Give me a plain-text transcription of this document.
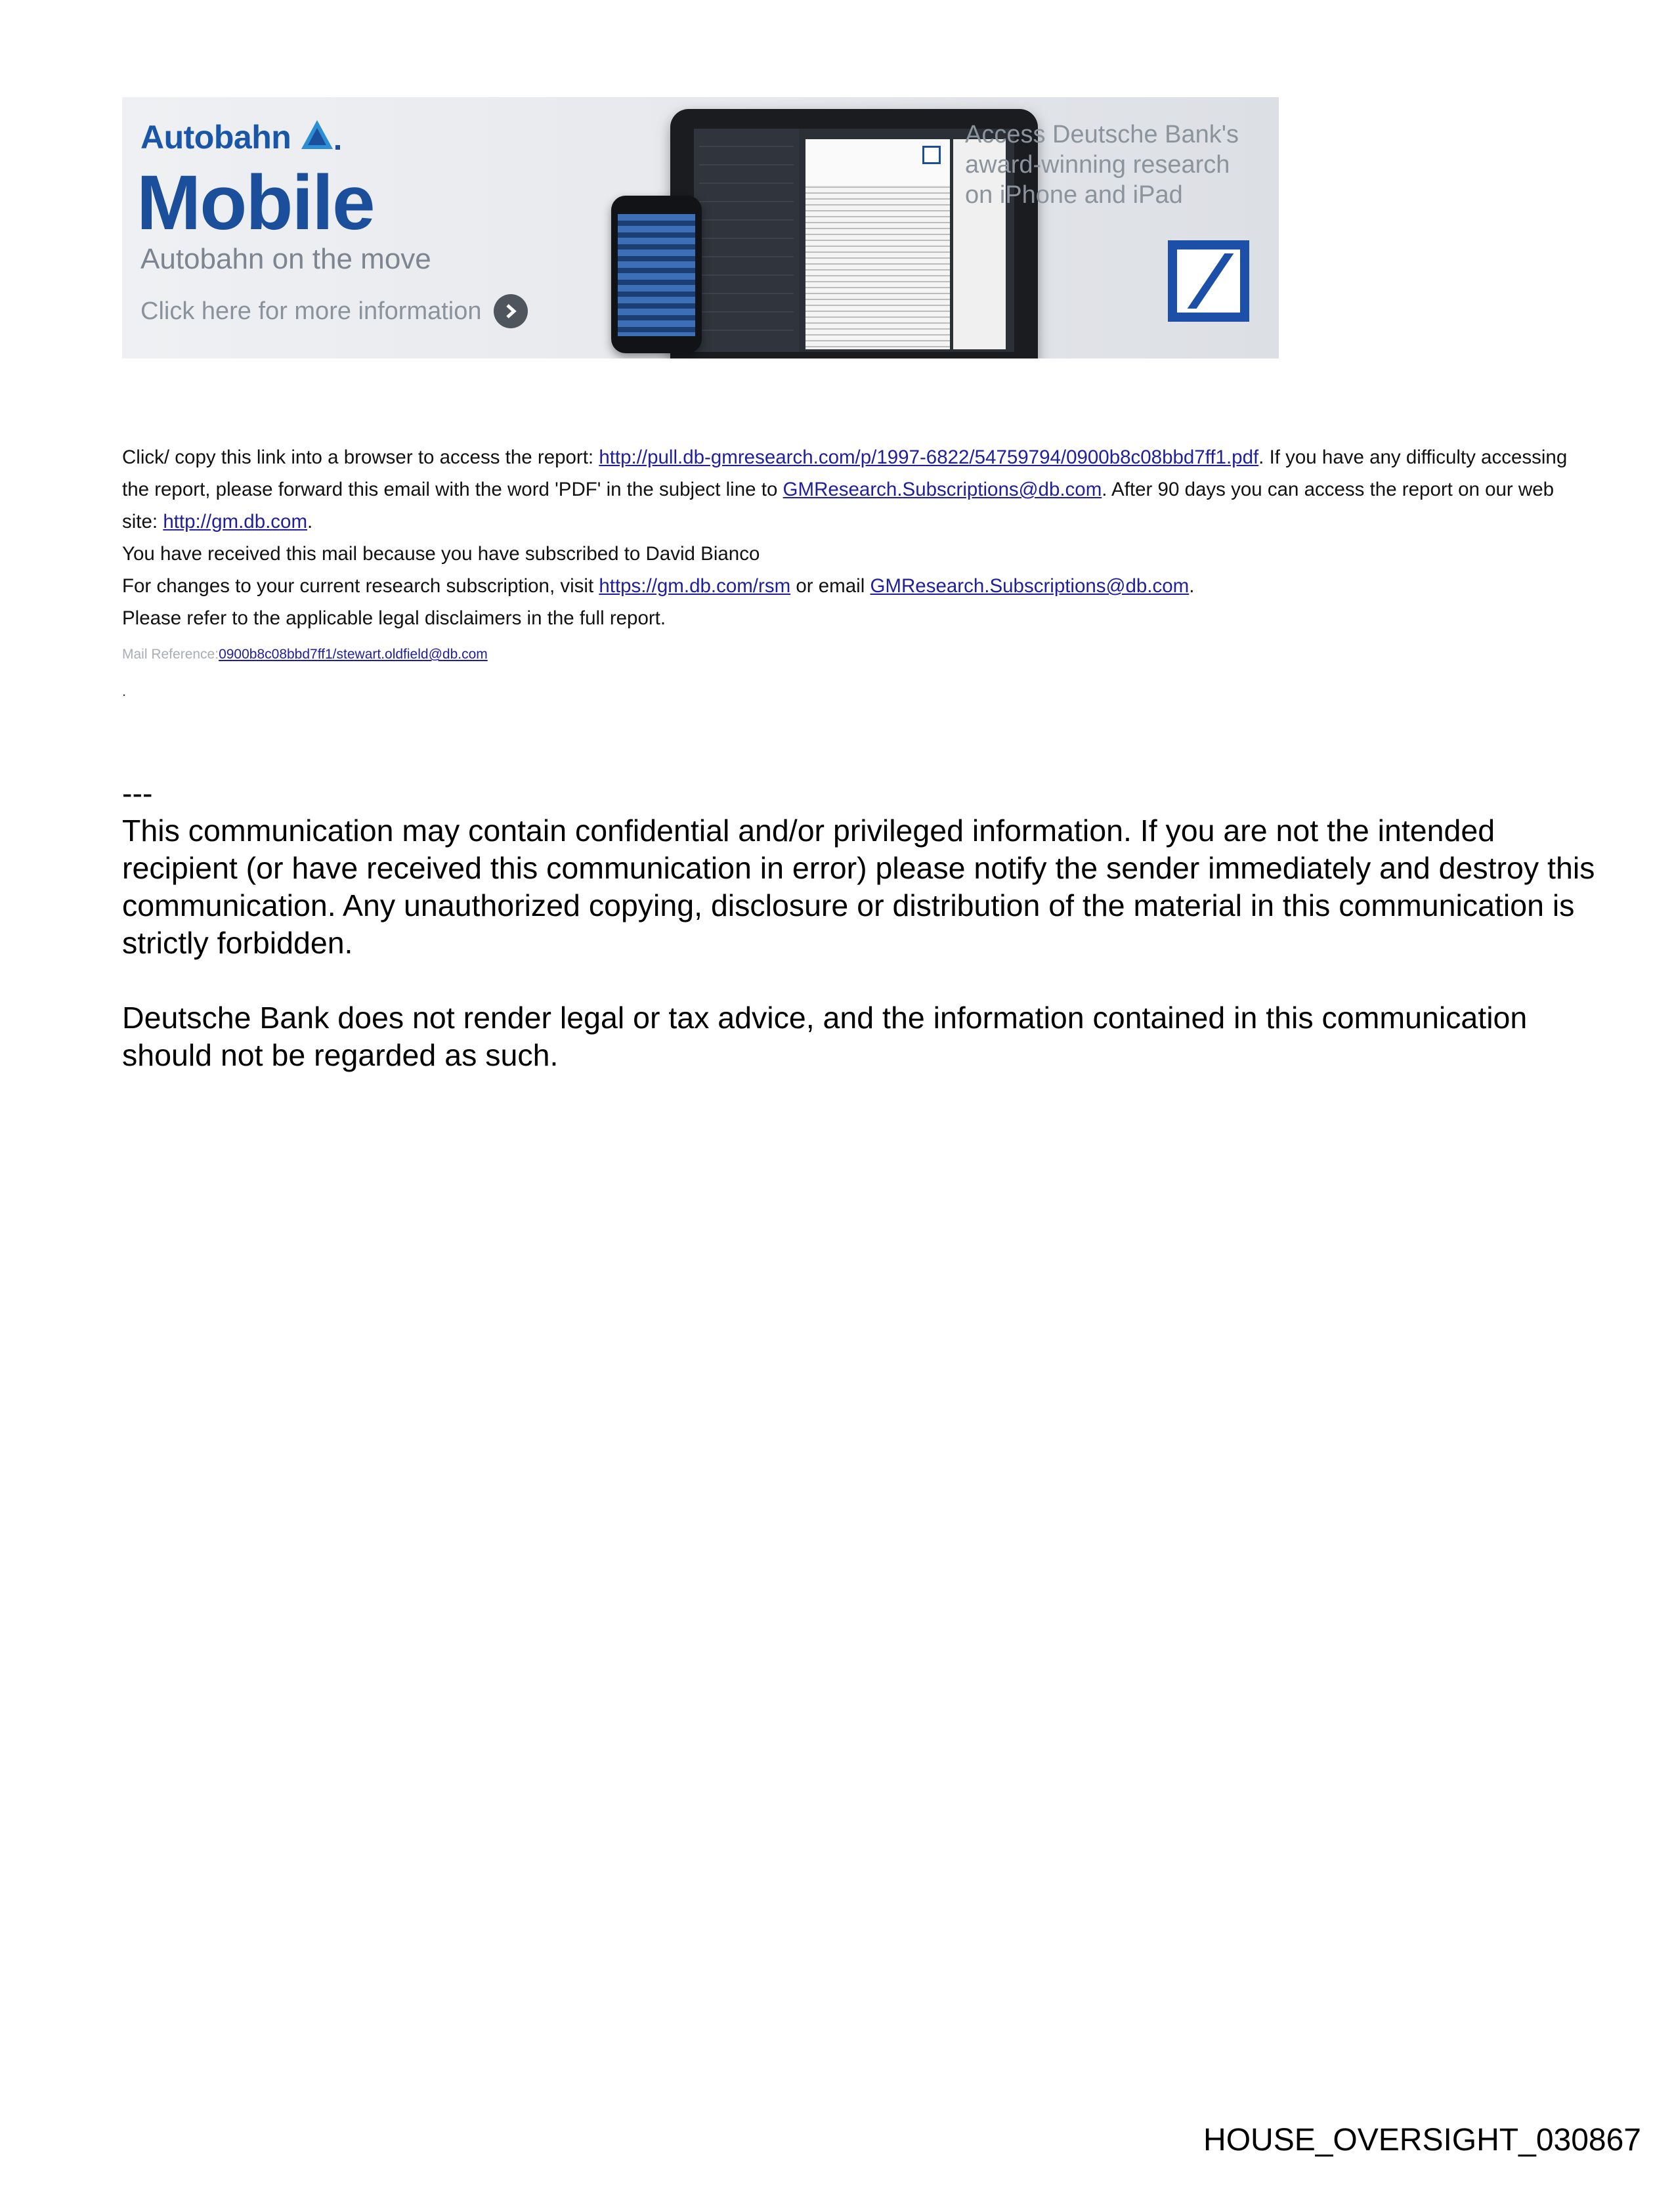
Autobahn
Mobile
Autobahn on the move
Click here for more information
Access Deutsche Bank's
award-winning research
on iPhone and iPad

Click/ copy this link into a browser to access the report: http://pull.db-gmresearch.com/p/1997-6822/54759794/0900b8c08bbd7ff1.pdf. If you have any difficulty accessing the report, please forward this email with the word 'PDF' in the subject line to GMResearch.Subscriptions@db.com. After 90 days you can access the report on our web site: http://gm.db.com.

You have received this mail because you have subscribed to David Bianco

For changes to your current research subscription, visit https://gm.db.com/rsm or email GMResearch.Subscriptions@db.com.

Please refer to the applicable legal disclaimers in the full report.

Mail Reference:0900b8c08bbd7ff1/stewart.oldfield@db.com
.

---

This communication may contain confidential and/or privileged information. If you are not the intended recipient (or have received this communication in error) please notify the sender immediately and destroy this communication. Any unauthorized copying, disclosure or distribution of the material in this communication is strictly forbidden.

Deutsche Bank does not render legal or tax advice, and the information contained in this communication should not be regarded as such.

HOUSE_OVERSIGHT_030867
